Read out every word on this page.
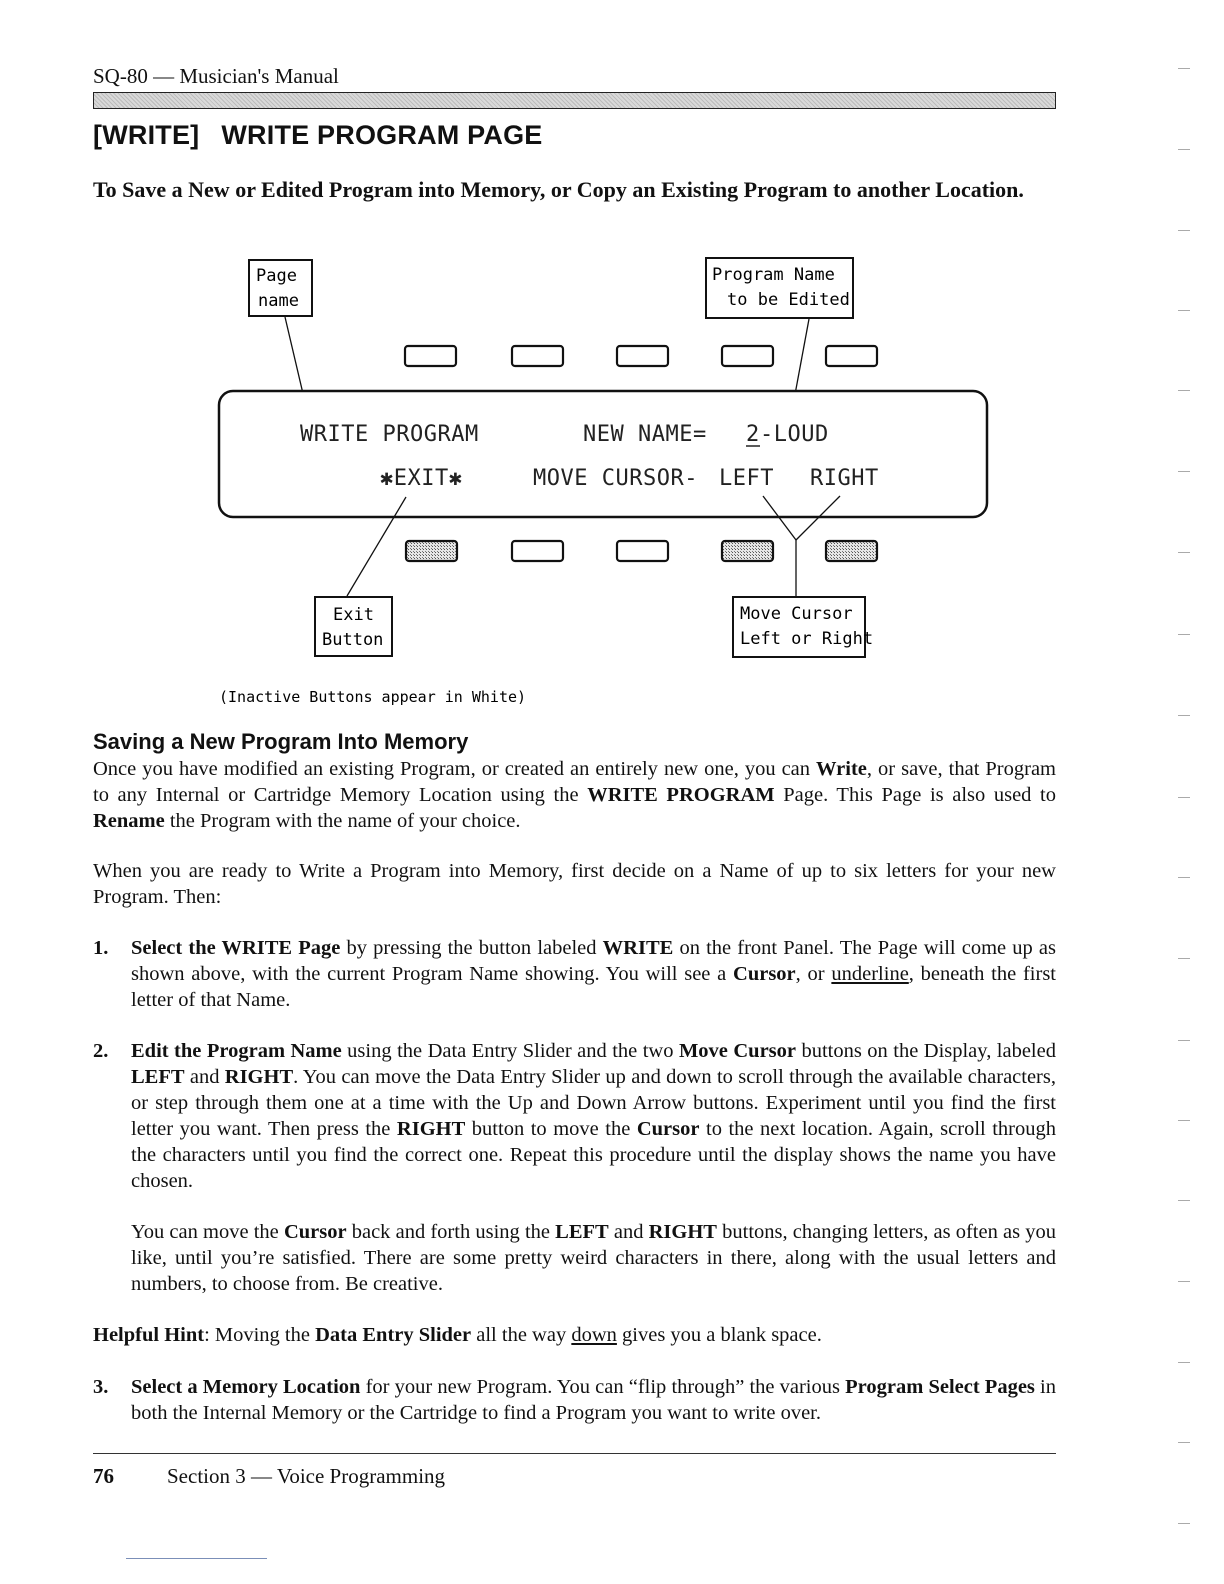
SQ-80 — Musician's Manual
[WRITE] WRITE PROGRAM PAGE
To Save a New or Edited Program into Memory, or Copy an Existing Program to another Location.
Page
name
Program Name
to be Edited
WRITE PROGRAM	NEW NAME= 2 -LOUD
✱EXIT✱	MOVE CURSOR- LEFT RIGHT
Exit
Button
Move Cursor
Left or Right
(Inactive Buttons appear in White)
Saving a New Program Into Memory
Once you have modified an existing Program, or created an entirely new one, you can Write, or save, that Program to any Internal or Cartridge Memory Location using the WRITE PROGRAM Page. This Page is also used to Rename the Program with the name of your choice.
When you are ready to Write a Program into Memory, first decide on a Name of up to six letters for your new Program. Then:
1. Select the WRITE Page by pressing the button labeled WRITE on the front Panel. The Page will come up as shown above, with the current Program Name showing. You will see a Cursor, or underline, beneath the first letter of that Name.
2. Edit the Program Name using the Data Entry Slider and the two Move Cursor buttons on the Display, labeled LEFT and RIGHT. You can move the Data Entry Slider up and down to scroll through the available characters, or step through them one at a time with the Up and Down Arrow buttons. Experiment until you find the first letter you want. Then press the RIGHT button to move the Cursor to the next location. Again, scroll through the characters until you find the correct one. Repeat this procedure until the display shows the name you have chosen.
You can move the Cursor back and forth using the LEFT and RIGHT buttons, changing letters, as often as you like, until you’re satisfied. There are some pretty weird characters in there, along with the usual letters and numbers, to choose from. Be creative.
Helpful Hint: Moving the Data Entry Slider all the way down gives you a blank space.
3. Select a Memory Location for your new Program. You can “flip through” the various Program Select Pages in both the Internal Memory or the Cartridge to find a Program you want to write over.
76	Section 3 — Voice Programming
